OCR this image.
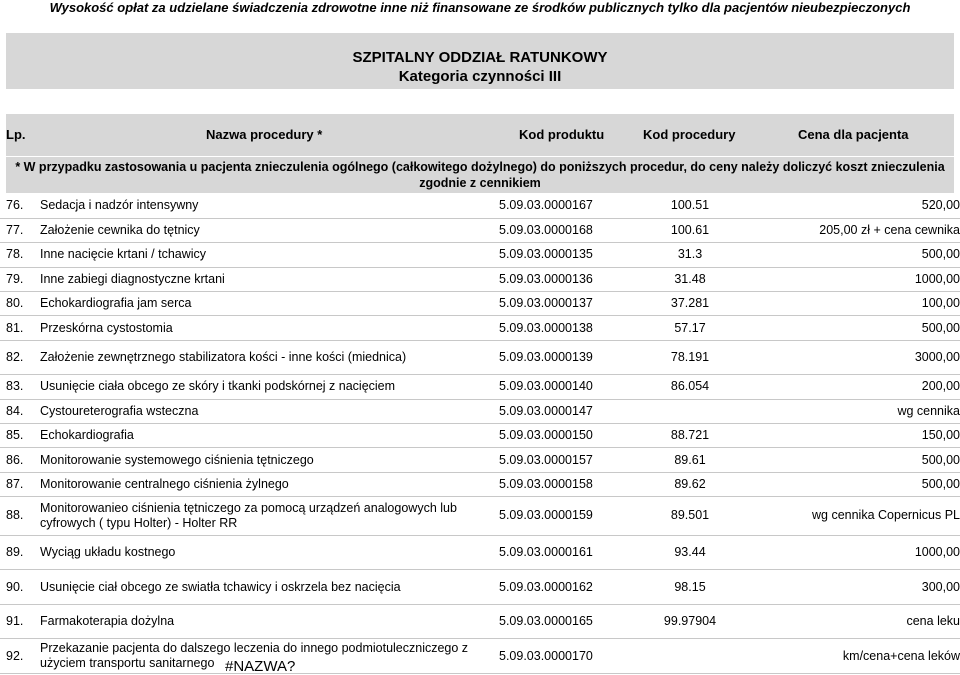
Wysokość opłat za udzielane świadczenia zdrowotne inne niż finansowane ze środków publicznych tylko dla pacjentów nieubezpieczonych
SZPITALNY ODDZIAŁ RATUNKOWY
Kategoria czynności III
Lp.	Nazwa procedury *	Kod produktu	Kod procedury	Cena dla pacjenta
* W przypadku zastosowania u pacjenta znieczulenia ogólnego (całkowitego dożylnego) do poniższych procedur, do ceny należy doliczyć koszt znieczulenia
zgodnie z cennikiem
76.	Sedacja i nadzór intensywny	5.09.03.0000167	100.51	520,00
77.	Założenie cewnika do tętnicy	5.09.03.0000168	100.61	205,00 zł + cena cewnika
78.	Inne nacięcie krtani / tchawicy	5.09.03.0000135	31.3	500,00
79.	Inne zabiegi diagnostyczne krtani	5.09.03.0000136	31.48	1000,00
80.	Echokardiografia jam serca	5.09.03.0000137	37.281	100,00
81.	Przeskórna cystostomia	5.09.03.0000138	57.17	500,00
82.	Założenie zewnętrznego stabilizatora kości - inne kości (miednica)	5.09.03.0000139	78.191	3000,00
83.	Usunięcie ciała obcego ze skóry i tkanki podskórnej z nacięciem	5.09.03.0000140	86.054	200,00
84.	Cystoureterografia wsteczna	5.09.03.0000147		wg cennika
85.	Echokardiografia	5.09.03.0000150	88.721	150,00
86.	Monitorowanie systemowego ciśnienia tętniczego	5.09.03.0000157	89.61	500,00
87.	Monitorowanie centralnego ciśnienia żylnego	5.09.03.0000158	89.62	500,00
88.	Monitorowanieo ciśnienia tętniczego za pomocą urządzeń analogowych lub cyfrowych ( typu Holter) - Holter RR	5.09.03.0000159	89.501	wg cennika Copernicus PL
89.	Wyciąg układu kostnego	5.09.03.0000161	93.44	1000,00
90.	Usunięcie ciał obcego ze swiatła tchawicy i oskrzela bez nacięcia	5.09.03.0000162	98.15	300,00
91.	Farmakoterapia dożylna	5.09.03.0000165	99.97904	cena leku
92.	Przekazanie pacjenta do dalszego leczenia do innego podmiotuleczniczego z użyciem transportu sanitarnego	5.09.03.0000170		km/cena+cena leków
#NAZWA?
